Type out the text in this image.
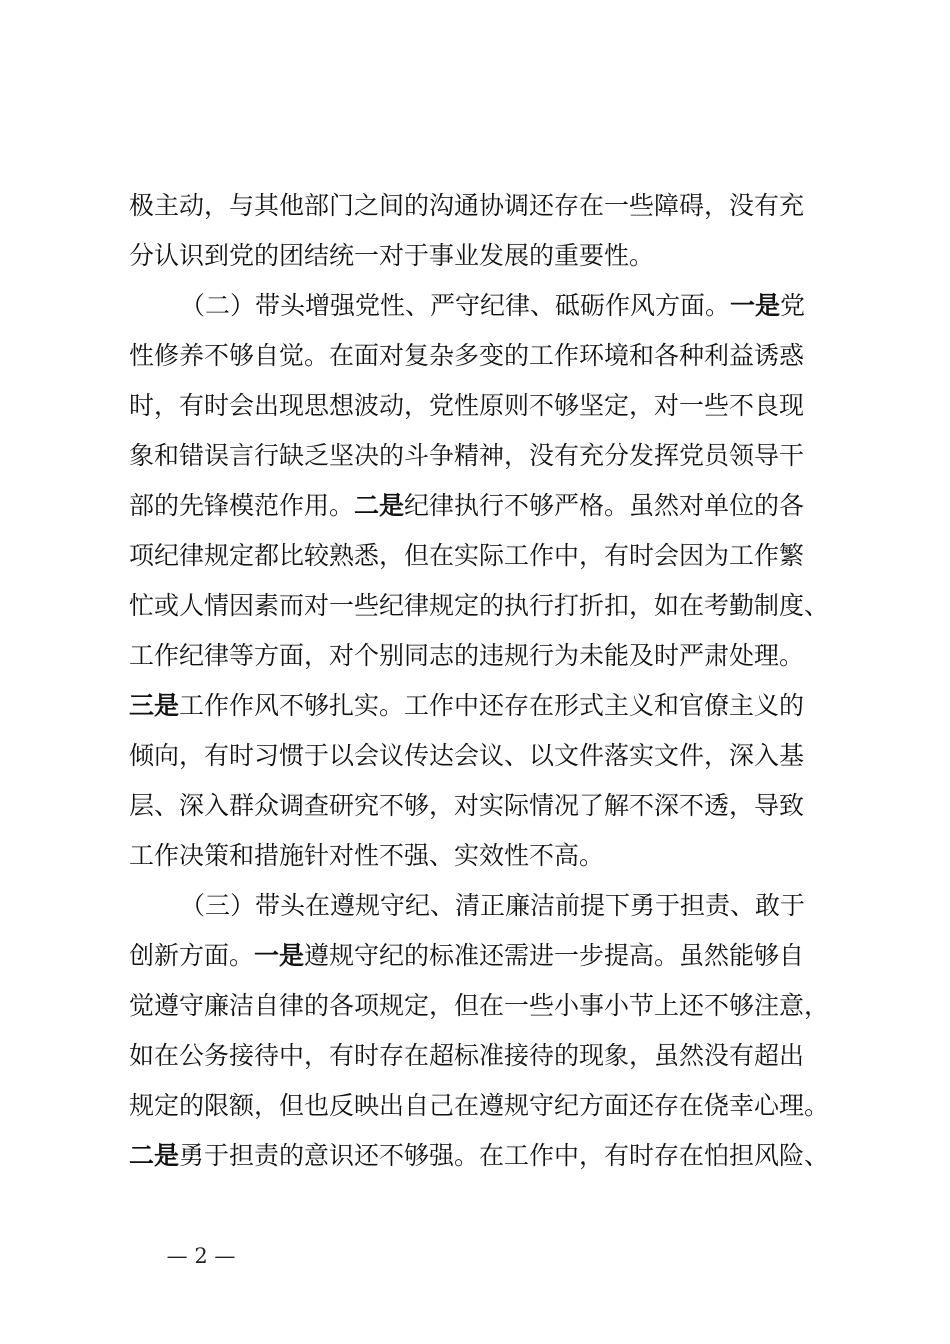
极主动，与其他部门之间的沟通协调还存在一些障碍，没有充
分认识到党的团结统一对于事业发展的重要性。
（二）带头增强党性、严守纪律、砥砺作风方面。一是党
性修养不够自觉。在面对复杂多变的工作环境和各种利益诱惑
时，有时会出现思想波动，党性原则不够坚定，对一些不良现
象和错误言行缺乏坚决的斗争精神，没有充分发挥党员领导干
部的先锋模范作用。二是纪律执行不够严格。虽然对单位的各
项纪律规定都比较熟悉，但在实际工作中，有时会因为工作繁
忙或人情因素而对一些纪律规定的执行打折扣，如在考勤制度、
工作纪律等方面，对个别同志的违规行为未能及时严肃处理。
三是工作作风不够扎实。工作中还存在形式主义和官僚主义的
倾向，有时习惯于以会议传达会议、以文件落实文件，深入基
层、深入群众调查研究不够，对实际情况了解不深不透，导致
工作决策和措施针对性不强、实效性不高。
（三）带头在遵规守纪、清正廉洁前提下勇于担责、敢于
创新方面。一是遵规守纪的标准还需进一步提高。虽然能够自
觉遵守廉洁自律的各项规定，但在一些小事小节上还不够注意，
如在公务接待中，有时存在超标准接待的现象，虽然没有超出
规定的限额，但也反映出自己在遵规守纪方面还存在侥幸心理。
二是勇于担责的意识还不够强。在工作中，有时存在怕担风险、
— 2 —
